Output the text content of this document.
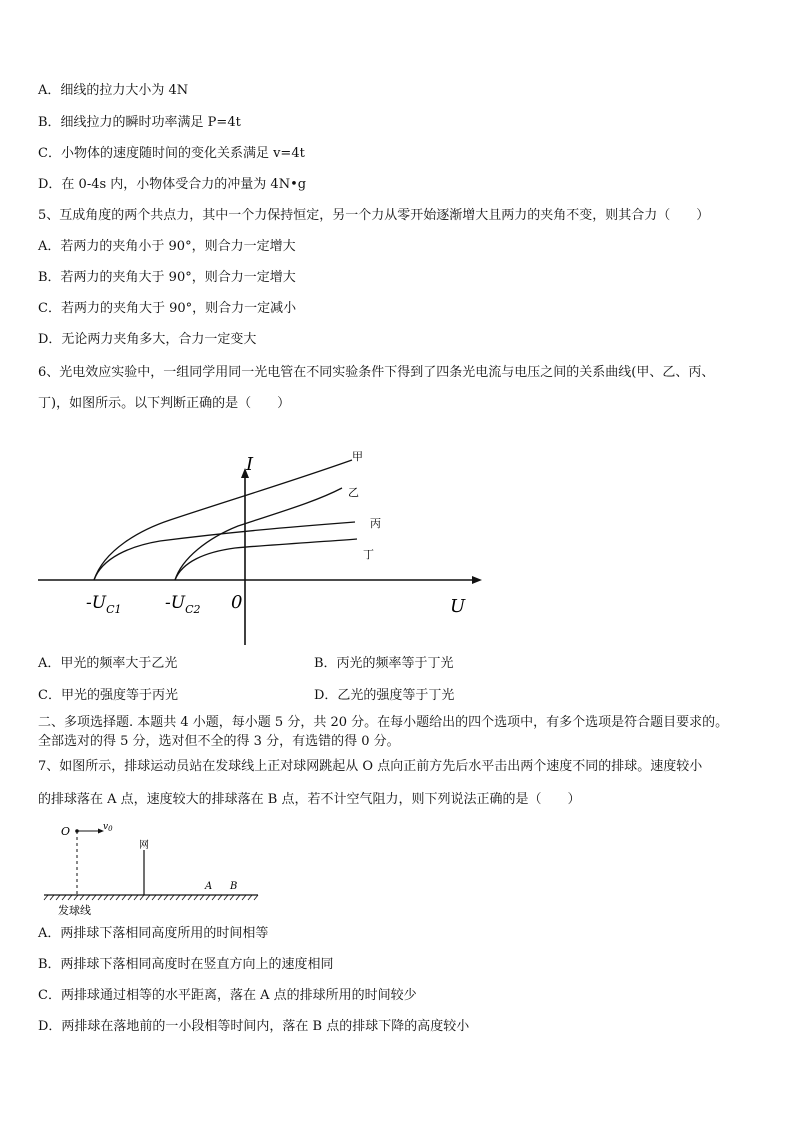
A．细线的拉力大小为 4N
B．细线拉力的瞬时功率满足 P=4t
C．小物体的速度随时间的变化关系满足 v=4t
D．在 0-4s 内，小物体受合力的冲量为 4N•g
5、互成角度的两个共点力，其中一个力保持恒定，另一个力从零开始逐渐增大且两力的夹角不变，则其合力（　　）
A．若两力的夹角小于 90°，则合力一定增大
B．若两力的夹角大于 90°，则合力一定增大
C．若两力的夹角大于 90°，则合力一定减小
D．无论两力夹角多大，合力一定变大
6、光电效应实验中，一组同学用同一光电管在不同实验条件下得到了四条光电流与电压之间的关系曲线(甲、乙、丙、
丁)，如图所示。以下判断正确的是（　　）
I
U
0
甲
乙
丙
丁
$-U_{C1}$	$-U_{C2}$
A．甲光的频率大于乙光	B．丙光的频率等于丁光
C．甲光的强度等于丙光	D．乙光的强度等于丁光
二、多项选择题. 本题共 4 小题，每小题 5 分，共 20 分。在每小题给出的四个选项中，有多个选项是符合题目要求的。
全部选对的得 5 分，选对但不全的得 3 分，有选错的得 0 分。
7、如图所示，排球运动员站在发球线上正对球网跳起从 O 点向正前方先后水平击出两个速度不同的排球。速度较小
的排球落在 A 点，速度较大的排球落在 B 点，若不计空气阻力，则下列说法正确的是（　　）
O	$v_0$
网
A B
发球线
A．两排球下落相同高度所用的时间相等
B．两排球下落相同高度时在竖直方向上的速度相同
C．两排球通过相等的水平距离，落在 A 点的排球所用的时间较少
D．两排球在落地前的一小段相等时间内，落在 B 点的排球下降的高度较小
